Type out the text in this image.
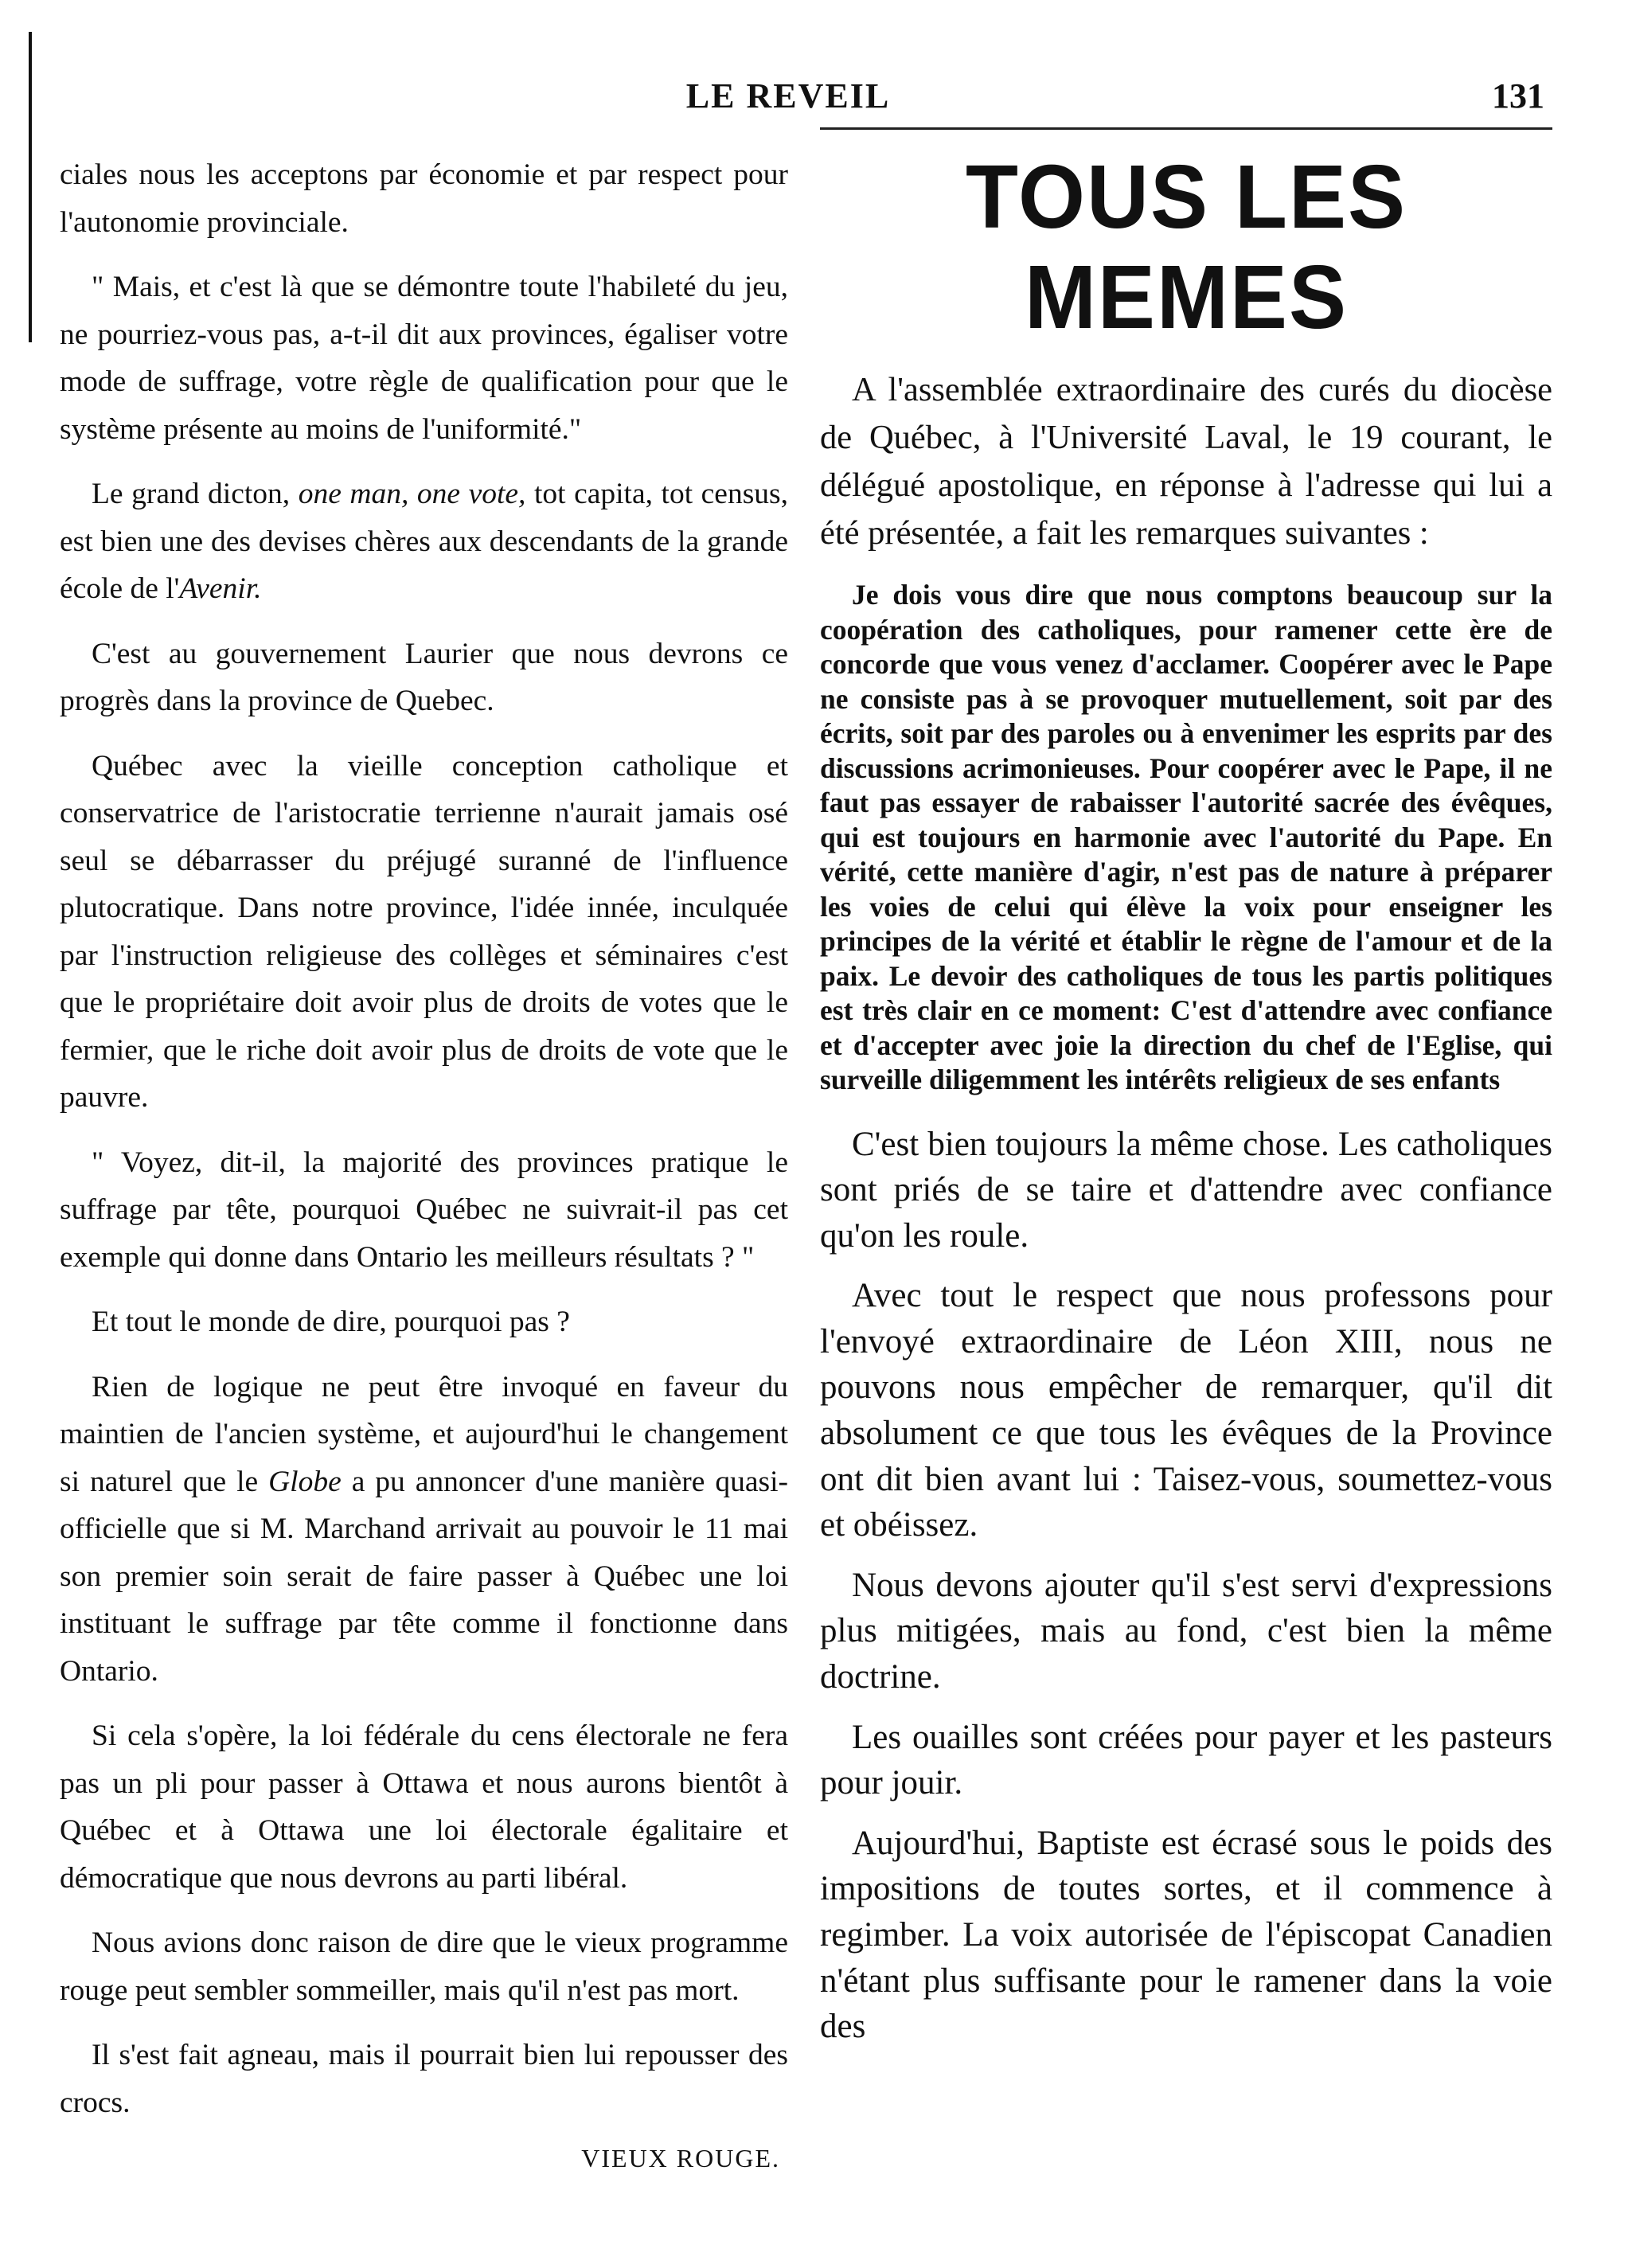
LE REVEIL	131

ciales nous les acceptons par économie et par respect pour l'autonomie provinciale.

" Mais, et c'est là que se démontre toute l'habileté du jeu, ne pourriez-vous pas, a-t-il dit aux provinces, égaliser votre mode de suffrage, votre règle de qualification pour que le système présente au moins de l'uniformité."

Le grand dicton, one man, one vote, tot capita, tot census, est bien une des devises chères aux descendants de la grande école de l'Avenir.

C'est au gouvernement Laurier que nous devrons ce progrès dans la province de Quebec.

Québec avec la vieille conception catholique et conservatrice de l'aristocratie terrienne n'aurait jamais osé seul se débarrasser du préjugé suranné de l'influence plutocratique. Dans notre province, l'idée innée, inculquée par l'instruction religieuse des collèges et séminaires c'est que le propriétaire doit avoir plus de droits de votes que le fermier, que le riche doit avoir plus de droits de vote que le pauvre.

" Voyez, dit-il, la majorité des provinces pratique le suffrage par tête, pourquoi Québec ne suivrait-il pas cet exemple qui donne dans Ontario les meilleurs résultats ? "

Et tout le monde de dire, pourquoi pas ?

Rien de logique ne peut être invoqué en faveur du maintien de l'ancien système, et aujourd'hui le changement si naturel que le Globe a pu annoncer d'une manière quasi-officielle que si M. Marchand arrivait au pouvoir le 11 mai son premier soin serait de faire passer à Québec une loi instituant le suffrage par tête comme il fonctionne dans Ontario.

Si cela s'opère, la loi fédérale du cens électorale ne fera pas un pli pour passer à Ottawa et nous aurons bientôt à Québec et à Ottawa une loi électorale égalitaire et démocratique que nous devrons au parti libéral.

Nous avions donc raison de dire que le vieux programme rouge peut sembler sommeiller, mais qu'il n'est pas mort.

Il s'est fait agneau, mais il pourrait bien lui repousser des crocs.

VIEUX ROUGE.
TOUS LES MEMES

A l'assemblée extraordinaire des curés du diocèse de Québec, à l'Université Laval, le 19 courant, le délégué apostolique, en réponse à l'adresse qui lui a été présentée, a fait les remarques suivantes :

Je dois vous dire que nous comptons beaucoup sur la coopération des catholiques, pour ramener cette ère de concorde que vous venez d'acclamer. Coopérer avec le Pape ne consiste pas à se provoquer mutuellement, soit par des écrits, soit par des paroles ou à envenimer les esprits par des discussions acrimonieuses. Pour coopérer avec le Pape, il ne faut pas essayer de rabaisser l'autorité sacrée des évêques, qui est toujours en harmonie avec l'autorité du Pape. En vérité, cette manière d'agir, n'est pas de nature à préparer les voies de celui qui élève la voix pour enseigner les principes de la vérité et établir le règne de l'amour et de la paix. Le devoir des catholiques de tous les partis politiques est très clair en ce moment: C'est d'attendre avec confiance et d'accepter avec joie la direction du chef de l'Eglise, qui surveille diligemment les intérêts religieux de ses enfants

C'est bien toujours la même chose. Les catholiques sont priés de se taire et d'attendre avec confiance qu'on les roule.

Avec tout le respect que nous professons pour l'envoyé extraordinaire de Léon XIII, nous ne pouvons nous empêcher de remarquer, qu'il dit absolument ce que tous les évêques de la Province ont dit bien avant lui : Taisez-vous, soumettez-vous et obéissez.

Nous devons ajouter qu'il s'est servi d'expressions plus mitigées, mais au fond, c'est bien la même doctrine.

Les ouailles sont créées pour payer et les pasteurs pour jouir.

Aujourd'hui, Baptiste est écrasé sous le poids des impositions de toutes sortes, et il commence à regimber. La voix autorisée de l'épiscopat Canadien n'étant plus suffisante pour le ramener dans la voie des
